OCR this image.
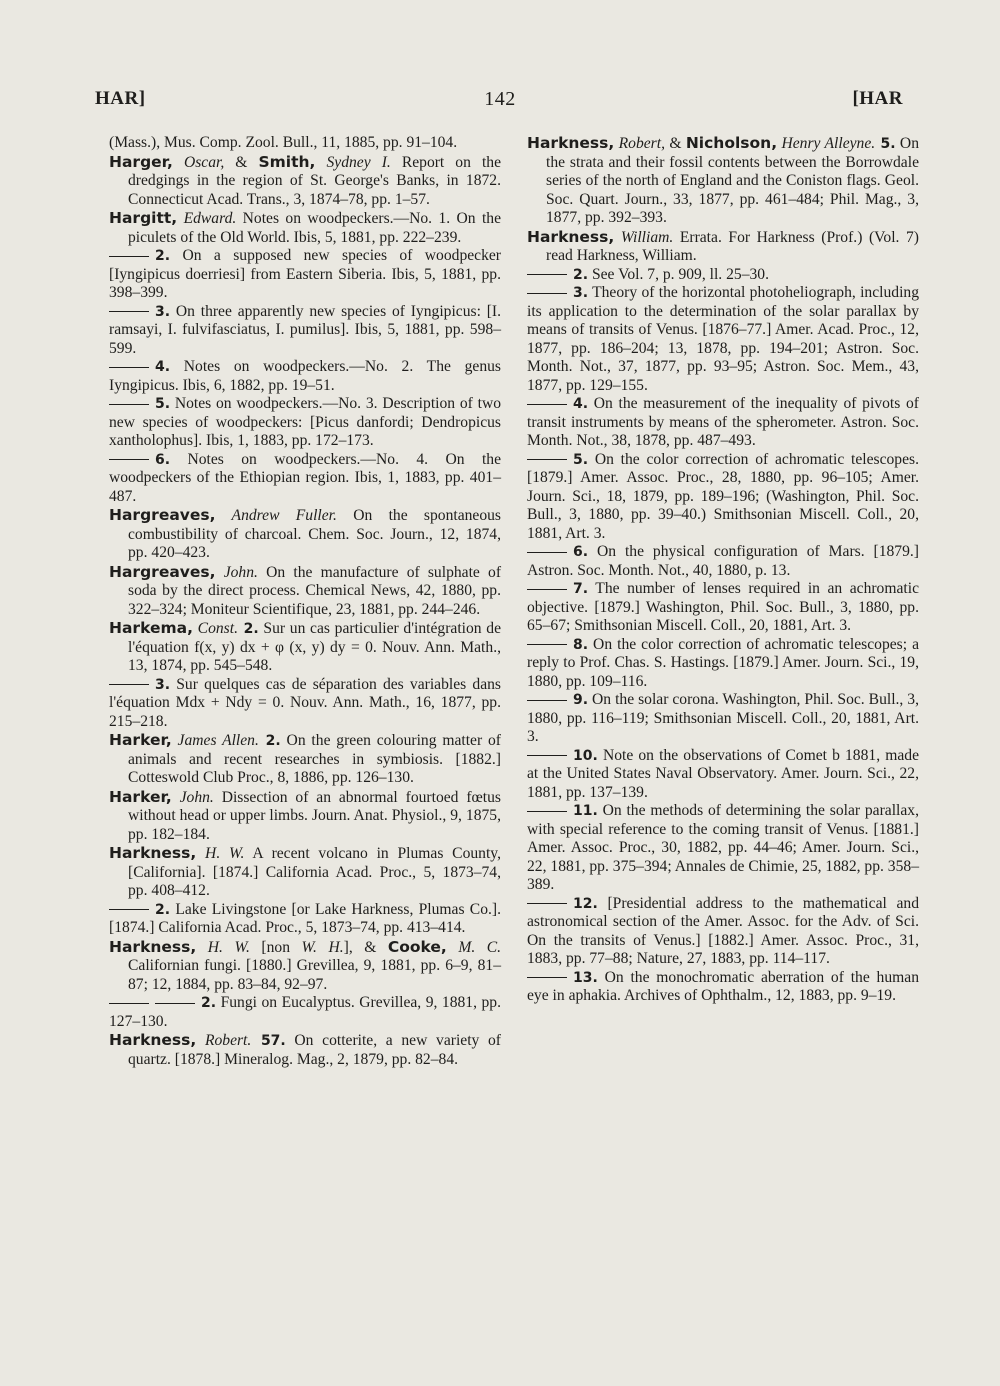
HAR]	142	[HAR

(Mass.), Mus. Comp. Zool. Bull., 11, 1885, pp. 91–104.

Harger, Oscar, & Smith, Sydney I. Report on the dredgings in the region of St. George's Banks, in 1872. Connecticut Acad. Trans., 3, 1874–78, pp. 1–57.

Hargitt, Edward. Notes on woodpeckers.—No. 1. On the piculets of the Old World. Ibis, 5, 1881, pp. 222–239.

2. On a supposed new species of woodpecker [Iyngipicus doerriesi] from Eastern Siberia. Ibis, 5, 1881, pp. 398–399.

3. On three apparently new species of Iyngipicus: [I. ramsayi, I. fulvifasciatus, I. pumilus]. Ibis, 5, 1881, pp. 598–599.

4. Notes on woodpeckers.—No. 2. The genus Iyngipicus. Ibis, 6, 1882, pp. 19–51.

5. Notes on woodpeckers.—No. 3. Description of two new species of woodpeckers: [Picus danfordi; Dendropicus xantholophus]. Ibis, 1, 1883, pp. 172–173.

6. Notes on woodpeckers.—No. 4. On the woodpeckers of the Ethiopian region. Ibis, 1, 1883, pp. 401–487.

Hargreaves, Andrew Fuller. On the spontaneous combustibility of charcoal. Chem. Soc. Journ., 12, 1874, pp. 420–423.

Hargreaves, John. On the manufacture of sulphate of soda by the direct process. Chemical News, 42, 1880, pp. 322–324; Moniteur Scientifique, 23, 1881, pp. 244–246.

Harkema, Const. 2. Sur un cas particulier d'intégration de l'équation f(x, y) dx + φ (x, y) dy = 0. Nouv. Ann. Math., 13, 1874, pp. 545–548.

3. Sur quelques cas de séparation des variables dans l'équation Mdx + Ndy = 0. Nouv. Ann. Math., 16, 1877, pp. 215–218.

Harker, James Allen. 2. On the green colouring matter of animals and recent researches in symbiosis. [1882.] Cotteswold Club Proc., 8, 1886, pp. 126–130.

Harker, John. Dissection of an abnormal fourtoed fœtus without head or upper limbs. Journ. Anat. Physiol., 9, 1875, pp. 182–184.

Harkness, H. W. A recent volcano in Plumas County, [California]. [1874.] California Acad. Proc., 5, 1873–74, pp. 408–412.

2. Lake Livingstone [or Lake Harkness, Plumas Co.]. [1874.] California Acad. Proc., 5, 1873–74, pp. 413–414.

Harkness, H. W. [non W. H.], & Cooke, M. C. Californian fungi. [1880.] Grevillea, 9, 1881, pp. 6–9, 81–87; 12, 1884, pp. 83–84, 92–97.

2. Fungi on Eucalyptus. Grevillea, 9, 1881, pp. 127–130.

Harkness, Robert. 57. On cotterite, a new variety of quartz. [1878.] Mineralog. Mag., 2, 1879, pp. 82–84.

Harkness, Robert, & Nicholson, Henry Alleyne. 5. On the strata and their fossil contents between the Borrowdale series of the north of England and the Coniston flags. Geol. Soc. Quart. Journ., 33, 1877, pp. 461–484; Phil. Mag., 3, 1877, pp. 392–393.

Harkness, William. Errata. For Harkness (Prof.) (Vol. 7) read Harkness, William.

2. See Vol. 7, p. 909, ll. 25–30.

3. Theory of the horizontal photoheliograph, including its application to the determination of the solar parallax by means of transits of Venus. [1876–77.] Amer. Acad. Proc., 12, 1877, pp. 186–204; 13, 1878, pp. 194–201; Astron. Soc. Month. Not., 37, 1877, pp. 93–95; Astron. Soc. Mem., 43, 1877, pp. 129–155.

4. On the measurement of the inequality of pivots of transit instruments by means of the spherometer. Astron. Soc. Month. Not., 38, 1878, pp. 487–493.

5. On the color correction of achromatic telescopes. [1879.] Amer. Assoc. Proc., 28, 1880, pp. 96–105; Amer. Journ. Sci., 18, 1879, pp. 189–196; (Washington, Phil. Soc. Bull., 3, 1880, pp. 39–40.) Smithsonian Miscell. Coll., 20, 1881, Art. 3.

6. On the physical configuration of Mars. [1879.] Astron. Soc. Month. Not., 40, 1880, p. 13.

7. The number of lenses required in an achromatic objective. [1879.] Washington, Phil. Soc. Bull., 3, 1880, pp. 65–67; Smithsonian Miscell. Coll., 20, 1881, Art. 3.

8. On the color correction of achromatic telescopes; a reply to Prof. Chas. S. Hastings. [1879.] Amer. Journ. Sci., 19, 1880, pp. 109–116.

9. On the solar corona. Washington, Phil. Soc. Bull., 3, 1880, pp. 116–119; Smithsonian Miscell. Coll., 20, 1881, Art. 3.

10. Note on the observations of Comet b 1881, made at the United States Naval Observatory. Amer. Journ. Sci., 22, 1881, pp. 137–139.

11. On the methods of determining the solar parallax, with special reference to the coming transit of Venus. [1881.] Amer. Assoc. Proc., 30, 1882, pp. 44–46; Amer. Journ. Sci., 22, 1881, pp. 375–394; Annales de Chimie, 25, 1882, pp. 358–389.

12. [Presidential address to the mathematical and astronomical section of the Amer. Assoc. for the Adv. of Sci. On the transits of Venus.] [1882.] Amer. Assoc. Proc., 31, 1883, pp. 77–88; Nature, 27, 1883, pp. 114–117.

13. On the monochromatic aberration of the human eye in aphakia. Archives of Ophthalm., 12, 1883, pp. 9–19.
